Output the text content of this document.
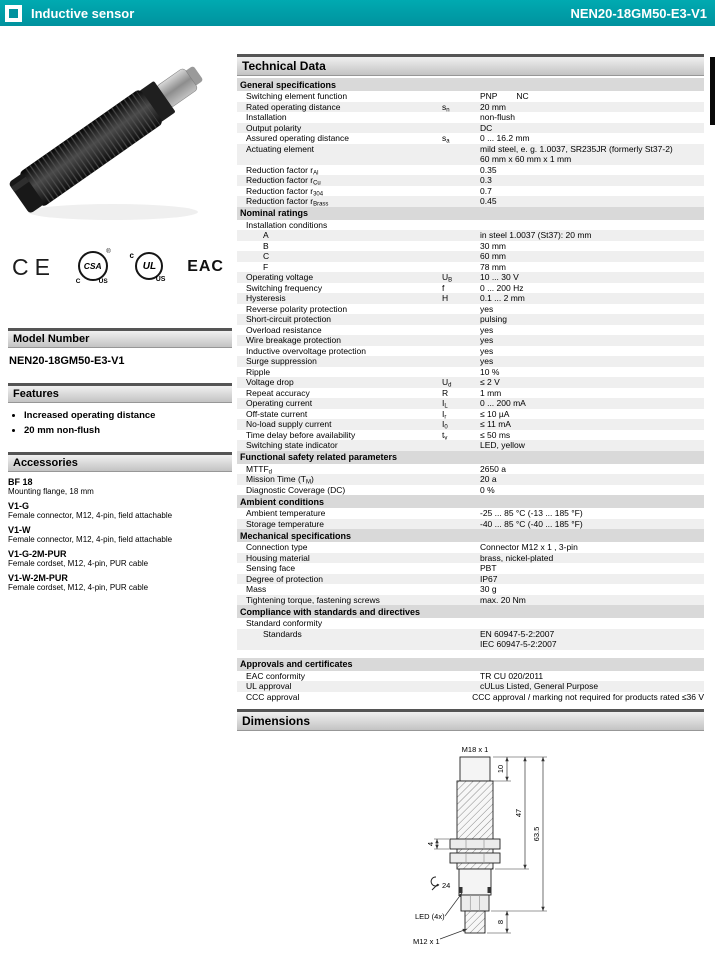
Inductive sensor	NEN20-18GM50-E3-V1
CE	CSA
®
C	US
c
UL
US
EAC
Model Number
NEN20-18GM50-E3-V1
Features
• Increased operating distance
• 20 mm non-flush
Accessories
BF 18
Mounting flange, 18 mm
V1-G
Female connector, M12, 4-pin, field attachable
V1-W
Female connector, M12, 4-pin, field attachable
V1-G-2M-PUR
Female cordset, M12, 4-pin, PUR cable
V1-W-2M-PUR
Female cordset, M12, 4-pin, PUR cable
Technical Data
General specifications
Switching element function	PNP        NC
Rated operating distance	$s_n$	20 mm
Installation	non-flush
Output polarity	DC
Assured operating distance	$s_a$	0 ... 16.2 mm
Actuating element	mild steel, e. g. 1.0037, SR235JR (formerly St37-2)
60 mm x 60 mm x 1 mm
Reduction factor $r_{Al}$	0.35
Reduction factor $r_{Cu}$	0.3
Reduction factor $r_{304}$	0.7
Reduction factor $r_{Brass}$	0.45
Nominal ratings
Installation conditions
A	in steel 1.0037 (St37): 20 mm
B	30 mm
C	60 mm
F	78 mm
Operating voltage	$U_B$	10 ... 30 V
Switching frequency	f	0 ... 200 Hz
Hysteresis	H	0.1 ... 2 mm
Reverse polarity protection	yes
Short-circuit protection	pulsing
Overload resistance	yes
Wire breakage protection	yes
Inductive overvoltage protection	yes
Surge suppression	yes
Ripple	10 %
Voltage drop	$U_d$	≤ 2 V
Repeat accuracy	R	1 mm
Operating current	$I_L$	0 ... 200 mA
Off-state current	$I_r$	≤ 10 µA
No-load supply current	$I_0$	≤ 11 mA
Time delay before availability	$t_v$	≤ 50 ms
Switching state indicator	LED, yellow
Functional safety related parameters
$MTTF_d$	2650 a
Mission Time $(T_M)$	20 a
Diagnostic Coverage (DC)	0 %
Ambient conditions
Ambient temperature	-25 ... 85 °C (-13 ... 185 °F)
Storage temperature	-40 ... 85 °C (-40 ... 185 °F)
Mechanical specifications
Connection type	Connector M12 x 1 , 3-pin
Housing material	brass, nickel-plated
Sensing face	PBT
Degree of protection	IP67
Mass	30 g
Tightening torque, fastening screws	max. 20 Nm
Compliance with standards and directives
Standard conformity
Standards	EN 60947-5-2:2007
IEC 60947-5-2:2007
Approvals and certificates
EAC conformity	TR CU 020/2011
UL approval	cULus Listed, General Purpose
CCC approval	CCC approval / marking not required for products rated ≤36 V
Dimensions
M18 x 1
10
47
63.5
8
4
24
LED (4x)
M12 x 1
